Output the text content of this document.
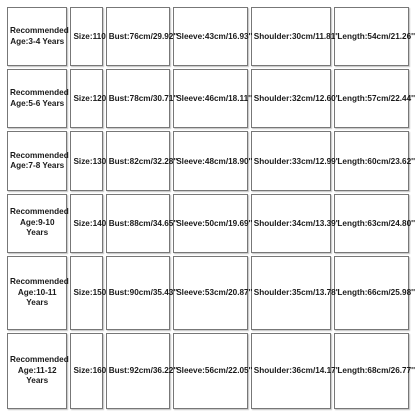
Recommended Age:3-4 Years	Size:110	Bust:76cm/29.92''	Sleeve:43cm/16.93''	Shoulder:30cm/11.81''	Length:54cm/21.26''
Recommended Age:5-6 Years	Size:120	Bust:78cm/30.71''	Sleeve:46cm/18.11''	Shoulder:32cm/12.60''	Length:57cm/22.44''
Recommended Age:7-8 Years	Size:130	Bust:82cm/32.28''	Sleeve:48cm/18.90''	Shoulder:33cm/12.99''	Length:60cm/23.62''
Recommended Age:9-10 Years	Size:140	Bust:88cm/34.65''	Sleeve:50cm/19.69''	Shoulder:34cm/13.39''	Length:63cm/24.80''
Recommended Age:10-11 Years	Size:150	Bust:90cm/35.43''	Sleeve:53cm/20.87''	Shoulder:35cm/13.78''	Length:66cm/25.98''
Recommended Age:11-12 Years	Size:160	Bust:92cm/36.22''	Sleeve:56cm/22.05''	Shoulder:36cm/14.17''	Length:68cm/26.77''
